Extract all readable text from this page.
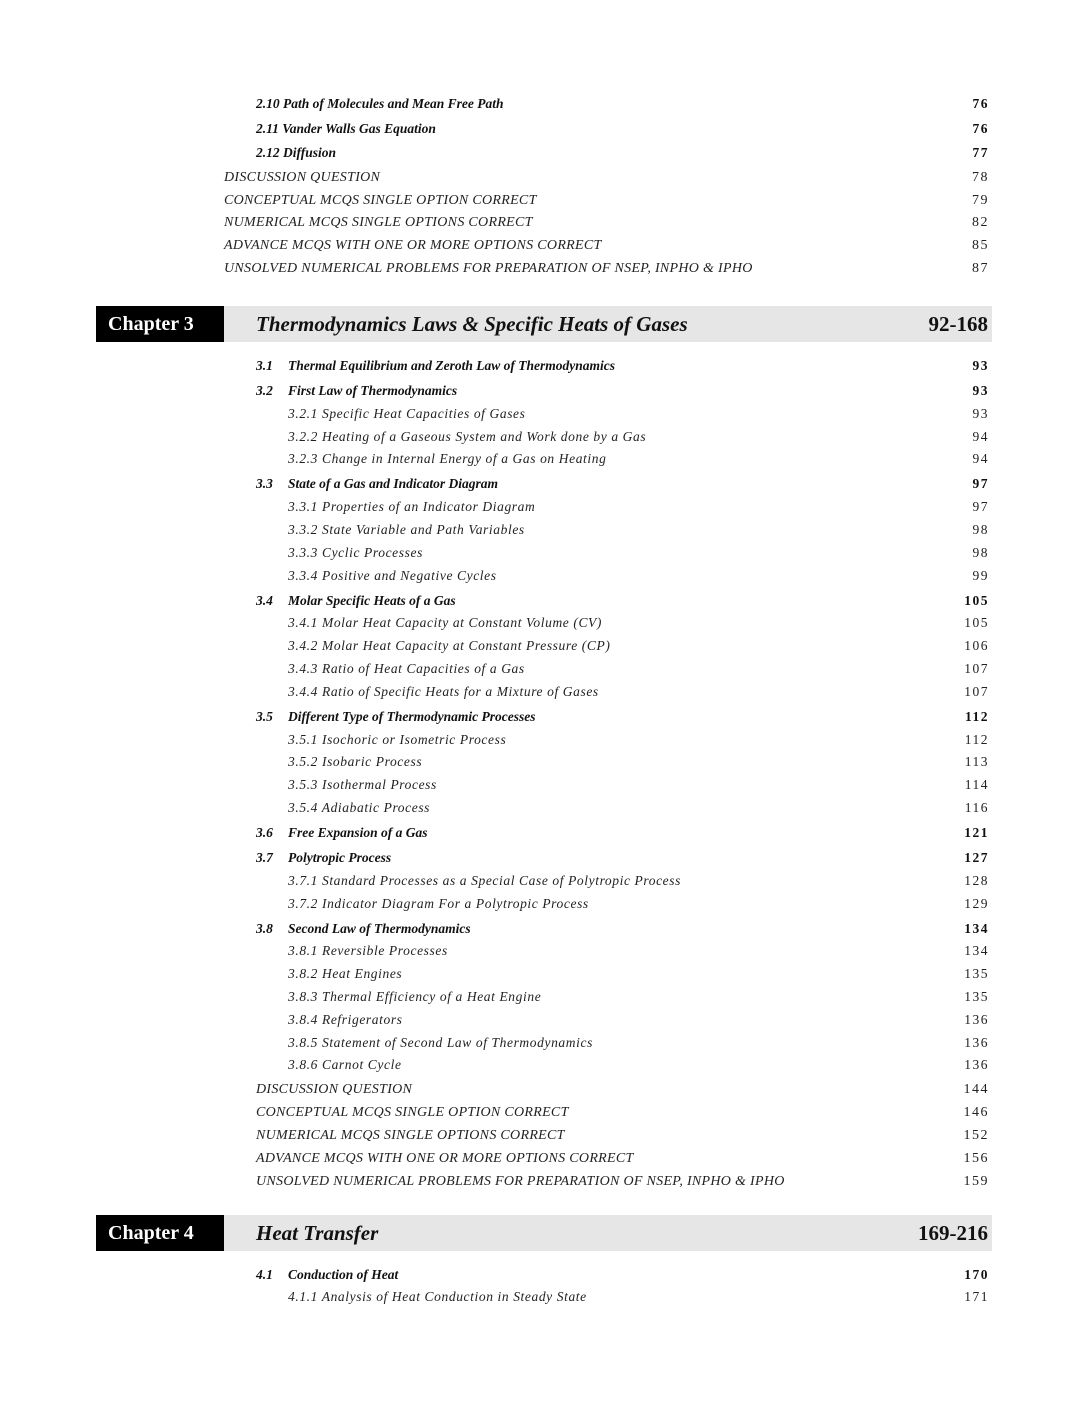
2.10 Path of Molecules and Mean Free Path	76
2.11 Vander Walls Gas Equation	76
2.12 Diffusion	77
DISCUSSION QUESTION	78
CONCEPTUAL MCQS SINGLE OPTION CORRECT	79
NUMERICAL MCQS SINGLE OPTIONS CORRECT	82
ADVANCE MCQS WITH ONE OR MORE OPTIONS CORRECT	85
UNSOLVED NUMERICAL PROBLEMS FOR PREPARATION OF NSEP, INPHO & IPHO	87
Chapter 3	Thermodynamics Laws & Specific Heats of Gases	92-168
3.1 Thermal Equilibrium and Zeroth Law of Thermodynamics	93
3.2 First Law of Thermodynamics	93
3.2.1 Specific Heat Capacities of Gases	93
3.2.2 Heating of a Gaseous System and Work done by a Gas	94
3.2.3 Change in Internal Energy of a Gas on Heating	94
3.3 State of a Gas and Indicator Diagram	97
3.3.1 Properties of an Indicator Diagram	97
3.3.2 State Variable and Path Variables	98
3.3.3 Cyclic Processes	98
3.3.4 Positive and Negative Cycles	99
3.4 Molar Specific Heats of a Gas	105
3.4.1 Molar Heat Capacity at Constant Volume (CV)	105
3.4.2 Molar Heat Capacity at Constant Pressure (CP)	106
3.4.3 Ratio of Heat Capacities of a Gas	107
3.4.4 Ratio of Specific Heats for a Mixture of Gases	107
3.5 Different Type of Thermodynamic Processes	112
3.5.1 Isochoric or Isometric Process	112
3.5.2 Isobaric Process	113
3.5.3 Isothermal Process	114
3.5.4 Adiabatic Process	116
3.6 Free Expansion of a Gas	121
3.7 Polytropic Process	127
3.7.1 Standard Processes as a Special Case of Polytropic Process	128
3.7.2 Indicator Diagram For a Polytropic Process	129
3.8 Second Law of Thermodynamics	134
3.8.1 Reversible Processes	134
3.8.2 Heat Engines	135
3.8.3 Thermal Efficiency of a Heat Engine	135
3.8.4 Refrigerators	136
3.8.5 Statement of Second Law of Thermodynamics	136
3.8.6 Carnot Cycle	136
DISCUSSION QUESTION	144
CONCEPTUAL MCQS SINGLE OPTION CORRECT	146
NUMERICAL MCQS SINGLE OPTIONS CORRECT	152
ADVANCE MCQS WITH ONE OR MORE OPTIONS CORRECT	156
UNSOLVED NUMERICAL PROBLEMS FOR PREPARATION OF NSEP, INPHO & IPHO	159
Chapter 4	Heat Transfer	169-216
4.1 Conduction of Heat	170
4.1.1 Analysis of Heat Conduction in Steady State	171
